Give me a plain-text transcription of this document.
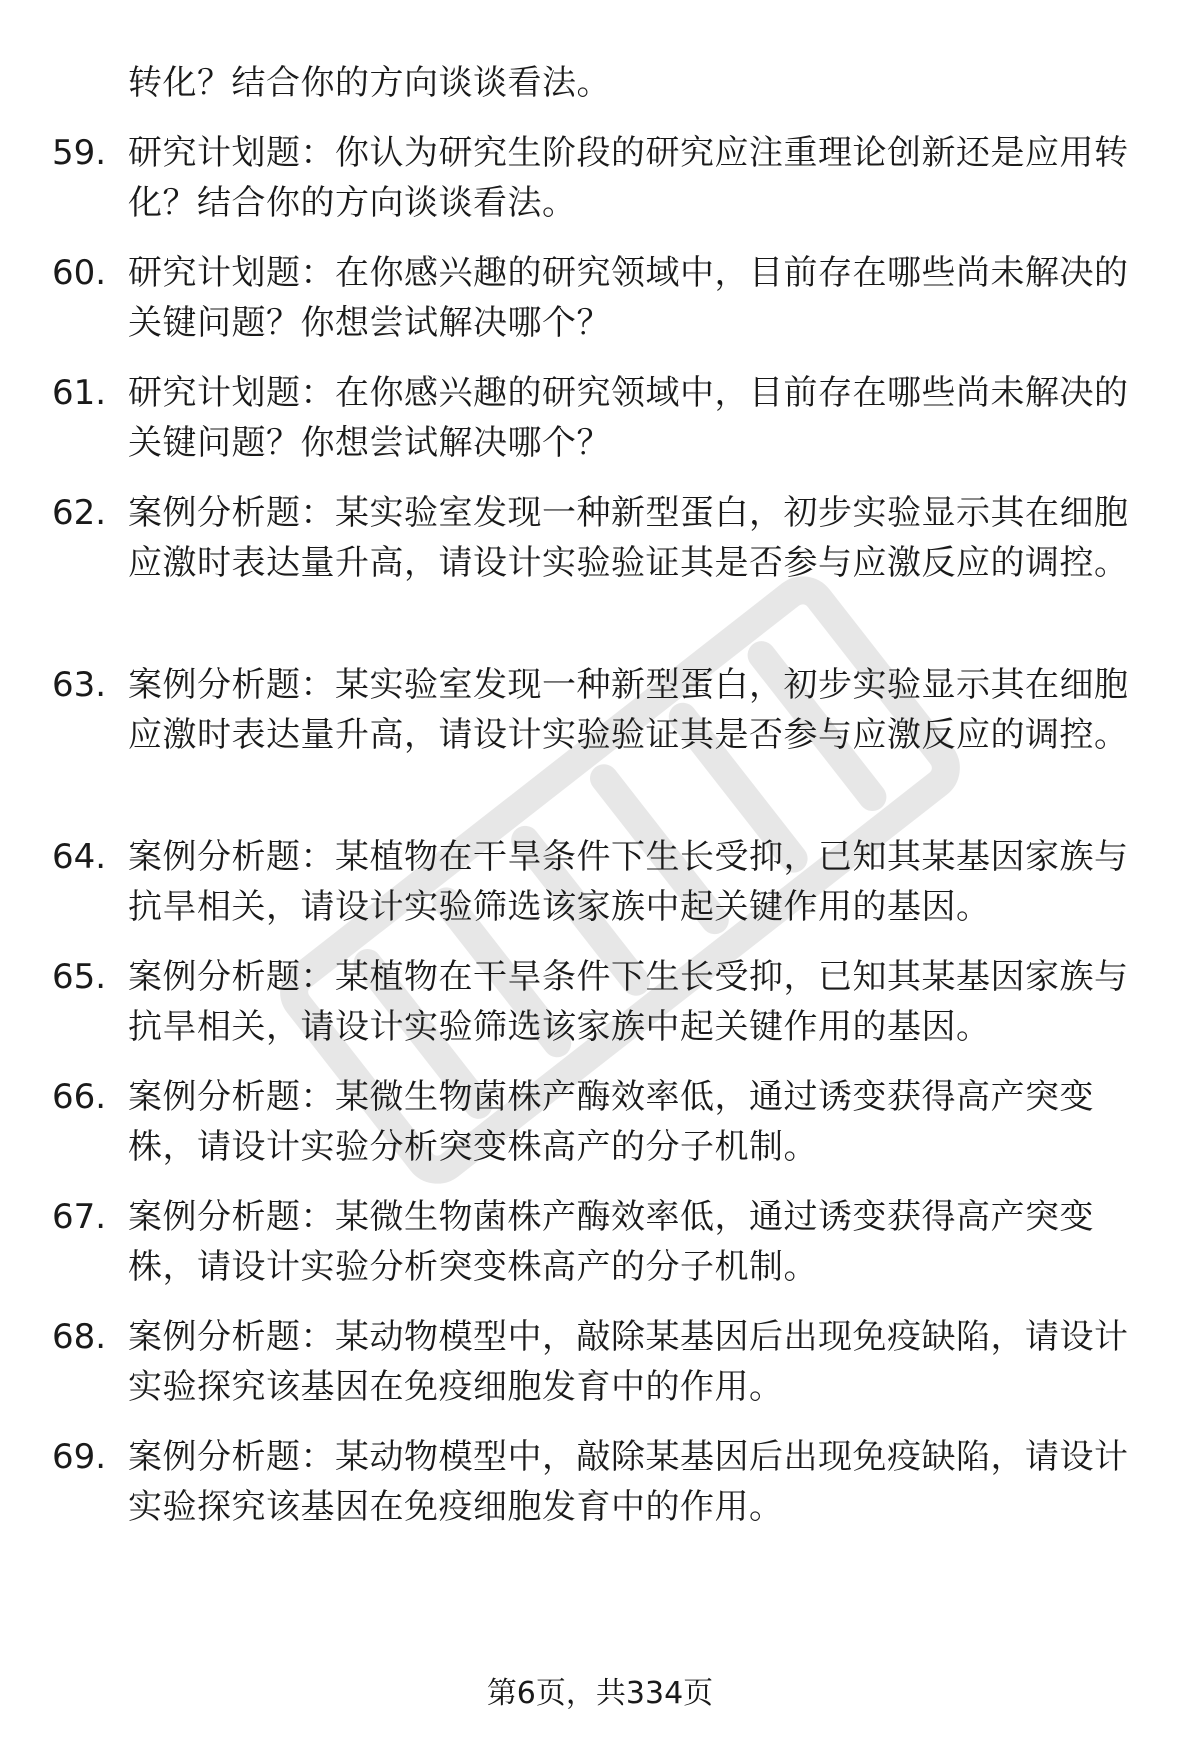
转化？结合你的方向谈谈看法。
59. 研究计划题：你认为研究生阶段的研究应注重理论创新还是应用转化？结合你的方向谈谈看法。
60. 研究计划题：在你感兴趣的研究领域中，目前存在哪些尚未解决的关键问题？你想尝试解决哪个？
61. 研究计划题：在你感兴趣的研究领域中，目前存在哪些尚未解决的关键问题？你想尝试解决哪个？
62. 案例分析题：某实验室发现一种新型蛋白，初步实验显示其在细胞应激时表达量升高，请设计实验验证其是否参与应激反应的调控。
63. 案例分析题：某实验室发现一种新型蛋白，初步实验显示其在细胞应激时表达量升高，请设计实验验证其是否参与应激反应的调控。
64. 案例分析题：某植物在干旱条件下生长受抑，已知其某基因家族与抗旱相关，请设计实验筛选该家族中起关键作用的基因。
65. 案例分析题：某植物在干旱条件下生长受抑，已知其某基因家族与抗旱相关，请设计实验筛选该家族中起关键作用的基因。
66. 案例分析题：某微生物菌株产酶效率低，通过诱变获得高产突变株，请设计实验分析突变株高产的分子机制。
67. 案例分析题：某微生物菌株产酶效率低，通过诱变获得高产突变株，请设计实验分析突变株高产的分子机制。
68. 案例分析题：某动物模型中，敲除某基因后出现免疫缺陷，请设计实验探究该基因在免疫细胞发育中的作用。
69. 案例分析题：某动物模型中，敲除某基因后出现免疫缺陷，请设计实验探究该基因在免疫细胞发育中的作用。
第6页，共334页
